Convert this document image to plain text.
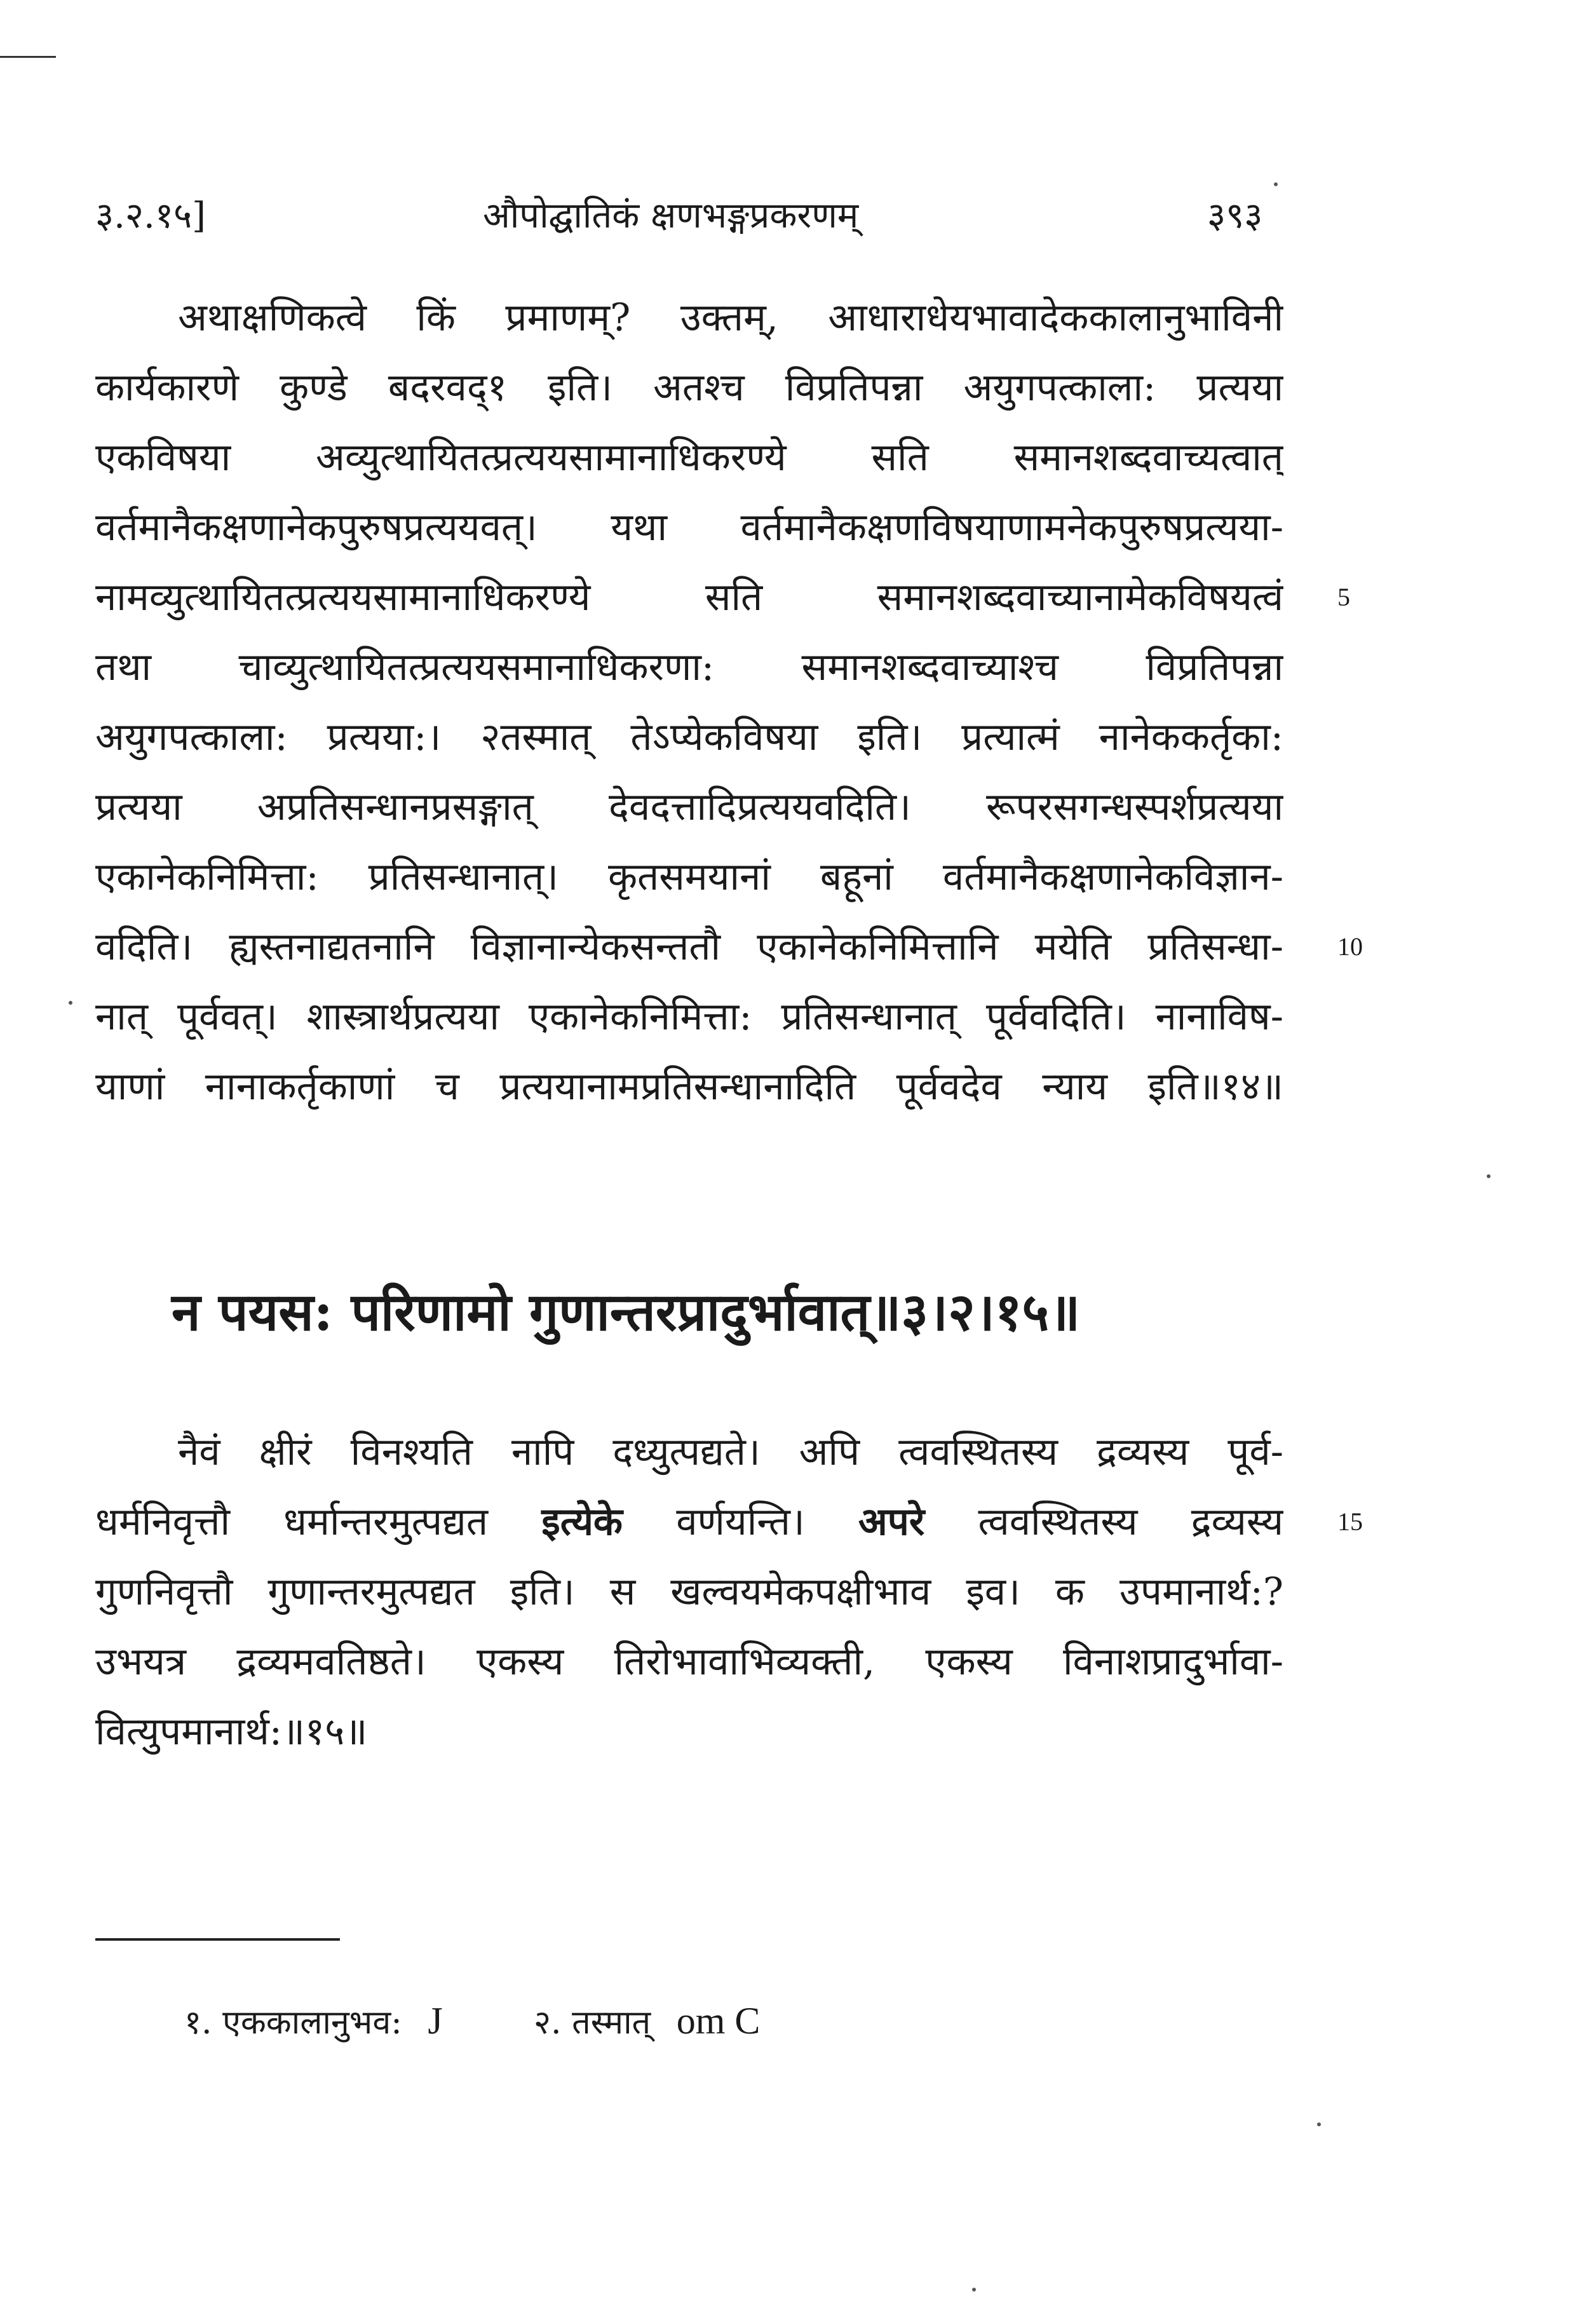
३.२.१५]	औपोद्घातिकं क्षणभङ्गप्रकरणम्	३९३
अथाक्षणिकत्वे किं प्रमाणम्? उक्तम्, आधाराधेयभावादेककालानुभाविनी
कार्यकारणे कुण्डे बदरवद्१ इति। अतश्च विप्रतिपन्ना अयुगपत्काला: प्रत्यया
एकविषया अव्युत्थायितत्प्रत्ययसामानाधिकरण्ये सति समानशब्दवाच्यत्वात्
वर्तमानैकक्षणानेकपुरुषप्रत्ययवत्। यथा वर्तमानैकक्षणविषयाणामनेकपुरुषप्रत्यया-
नामव्युत्थायितत्प्रत्ययसामानाधिकरण्ये सति समानशब्दवाच्यानामेकविषयत्वं
तथा चाव्युत्थायितत्प्रत्ययसमानाधिकरणा: समानशब्दवाच्याश्च विप्रतिपन्ना
अयुगपत्काला: प्रत्यया:। २तस्मात् तेऽप्येकविषया इति। प्रत्यात्मं नानेककर्तृका:
प्रत्यया अप्रतिसन्धानप्रसङ्गात् देवदत्तादिप्रत्ययवदिति। रूपरसगन्धस्पर्शप्रत्यया
एकानेकनिमित्ता: प्रतिसन्धानात्। कृतसमयानां बहूनां वर्तमानैकक्षणानेकविज्ञान-
वदिति। ह्यस्तनाद्यतनानि विज्ञानान्येकसन्ततौ एकानेकनिमित्तानि मयेति प्रतिसन्धा-
नात् पूर्ववत्। शास्त्रार्थप्रत्यया एकानेकनिमित्ता: प्रतिसन्धानात् पूर्ववदिति। नानाविष-
याणां नानाकर्तृकाणां च प्रत्ययानामप्रतिसन्धानादिति पूर्ववदेव न्याय इति॥१४॥
5
10
न पयस: परिणामो गुणान्तरप्रादुर्भावात्॥३।२।१५॥
नैवं क्षीरं विनश्यति नापि दध्युत्पद्यते। अपि त्ववस्थितस्य द्रव्यस्य पूर्व-
धर्मनिवृत्तौ धर्मान्तरमुत्पद्यत इत्येके वर्णयन्ति। अपरे त्ववस्थितस्य द्रव्यस्य
गुणनिवृत्तौ गुणान्तरमुत्पद्यत इति। स खल्वयमेकपक्षीभाव इव। क उपमानार्थ:?
उभयत्र द्रव्यमवतिष्ठते। एकस्य तिरोभावाभिव्यक्ती, एकस्य विनाशप्रादुर्भावा-
वित्युपमानार्थ:॥१५॥
15
१. एककालानुभव: J	२. तस्मात् om C
